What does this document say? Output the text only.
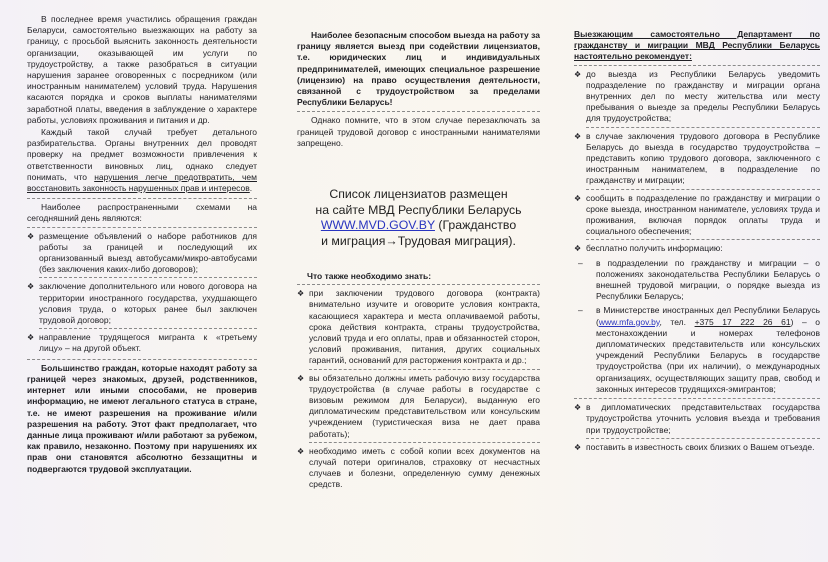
В последнее время участились обращения граждан Беларуси, самостоятельно выезжающих на работу за границу, с просьбой выяснить законность деятельности организации, оказывающей им услуги по трудоустройству, а также разобраться в ситуации нарушения заранее оговоренных с посредником (или иностранным нанимателем) условий труда. Нарушения касаются порядка и сроков выплаты нанимателями заработной платы, введения в заблуждение о характере работы, условиях проживания и питания и др.

Каждый такой случай требует детального разбирательства. Органы внутренних дел проводят проверку на предмет возможности привлечения к ответственности виновных лиц, однако следует понимать, что нарушения легче предотвратить, чем восстановить законность нарушенных прав и интересов.

Наиболее распространенными схемами на сегодняшний день являются:

❖ размещение объявлений о наборе работников для работы за границей и последующий их организованный выезд автобусами/микро-автобусами (без заключения каких-либо договоров);
❖ заключение дополнительного или нового договора на территории иностранного государства, ухудшающего условия труда, о которых ранее был заключен трудовой договор;
❖ направление трудящегося мигранта к «третьему лицу» – на другой объект.

Большинство граждан, которые находят работу за границей через знакомых, друзей, родственников, интернет или иными способами, не проверив информацию, не имеют легального статуса в стране, т.е. не имеют разрешения на проживание и/или разрешения на работу. Этот факт предполагает, что данные лица проживают и/или работают за рубежом, как правило, незаконно. Поэтому при нарушениях их прав они становятся абсолютно беззащитны и подвергаются трудовой эксплуатации.

Наиболее безопасным способом выезда на работу за границу является выезд при содействии лицензиатов, т.е. юридических лиц и индивидуальных предпринимателей, имеющих специальное разрешение (лицензию) на право осуществления деятельности, связанной с трудоустройством за пределами Республики Беларусь!

Однако помните, что в этом случае перезаключать за границей трудовой договор с иностранными нанимателями запрещено.

Список лицензиатов размещен
на сайте МВД Республики Беларусь
WWW.MVD.GOV.BY (Гражданство
и миграция→Трудовая миграция).

Что также необходимо знать:

❖ при заключении трудового договора (контракта) внимательно изучите и оговорите условия контракта, касающиеся характера и места оплачиваемой работы, срока действия контракта, страны трудоустройства, условий труда и его оплаты, прав и обязанностей сторон, условий проживания, питания, других социальных гарантий, оснований для расторжения контракта и др.;
❖ вы обязательно должны иметь рабочую визу государства трудоустройства (в случае работы в государстве с визовым режимом для Беларуси), выданную его дипломатическим представительством или консульским учреждением (туристическая виза не дает права работать);
❖ необходимо иметь с собой копии всех документов на случай потери оригиналов, страховку от несчастных случаев и болезни, определенную сумму денежных средств.

Выезжающим самостоятельно Департамент по гражданству и миграции МВД Республики Беларусь настоятельно рекомендует:

❖ до выезда из Республики Беларусь уведомить подразделение по гражданству и миграции органа внутренних дел по месту жительства или месту пребывания о выезде за пределы Республики Беларусь для трудоустройства;
❖ в случае заключения трудового договора в Республике Беларусь до выезда в государство трудоустройства – представить копию трудового договора, заключенного с иностранным нанимателем, в подразделение по гражданству и миграции;
❖ сообщить в подразделение по гражданству и миграции о сроке выезда, иностранном нанимателе, условиях труда и проживания, включая порядок оплаты труда и социального обеспечения;
❖ бесплатно получить информацию:
– в подразделении по гражданству и миграции – о положениях законодательства Республики Беларусь о внешней трудовой миграции, о порядке выезда из Республики Беларусь;
– в Министерстве иностранных дел Республики Беларусь (www.mfa.gov.by, тел. +375 17 222 26 61) – о местонахождении и номерах телефонов дипломатических представительств или консульских учреждений Республики Беларусь в государстве трудоустройства (при их наличии), о международных организациях, осуществляющих защиту прав, свобод и законных интересов трудящихся-эмигрантов;
❖ в дипломатических представительствах государства трудоустройства уточнить условия въезда и требования при трудоустройстве;
❖ поставить в известность своих близких о Вашем отъезде.
